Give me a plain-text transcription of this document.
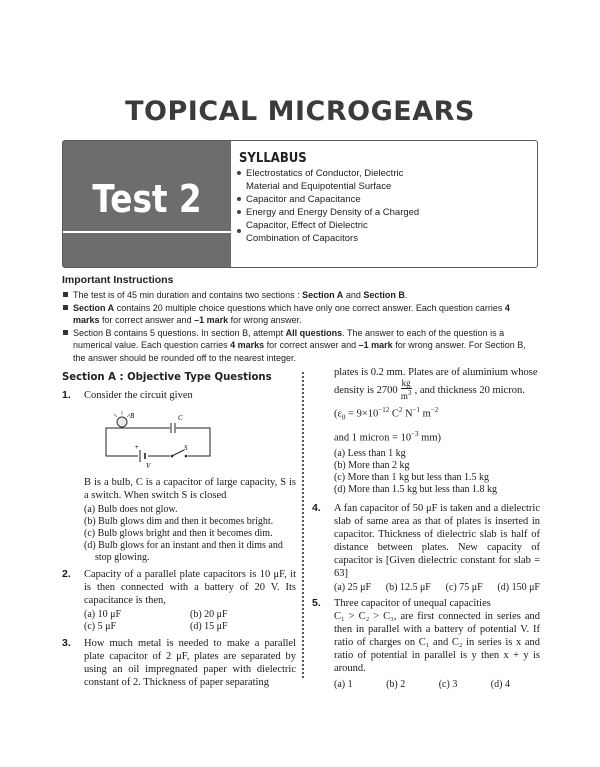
TOPICAL MICROGEARS
Test 2
SYLLABUS
Electrostatics of Conductor, Dielectric
Material and Equipotential Surface
Capacitor and Capacitance
Energy and Energy Density of a Charged
Capacitor, Effect of Dielectric
Combination of Capacitors
Important Instructions
The test is of 45 min duration and contains two sections : Section A and Section B.
Section A contains 20 multiple choice questions which have only one correct answer. Each question carries 4 marks for correct answer and –1 mark for wrong answer.
Section B contains 5 questions. In section B, attempt All questions. The answer to each of the question is a numerical value. Each question carries 4 marks for correct answer and –1 mark for wrong answer. For Section B, the answer should be rounded off to the nearest integer.
Section A : Objective Type Questions
1. Consider the circuit given
B	C
+
V
S
B is a bulb, C is a capacitor of large capacity, S is a switch. When switch S is closed
(a) Bulb does not glow.
(b) Bulb glows dim and then it becomes bright.
(c) Bulb glows bright and then it becomes dim.
(d) Bulb glows for an instant and then it dims and stop glowing.
2. Capacity of a parallel plate capacitors is 10 μF, it is then connected with a battery of 20 V. Its capacitance is then,
(a) 10 μF	(b) 20 μF
(c) 5 μF	(d) 15 μF
3. How much metal is needed to make a parallel plate capacitor of 2 μF, plates are separated by using an oil impregnated paper with dielectric constant of 2. Thickness of paper separating
plates is 0.2 mm. Plates are of aluminium whose
density is 2700
kg
$m^3$ , and thickness 20 micron.
($\varepsilon_0 = 9\times 10^{-12}$ $C^2$ $N^{-1}$ $m^{-2}$
and 1 micron = $10^{-3}$ mm)
(a) Less than 1 kg
(b) More than 2 kg
(c) More than 1 kg but less than 1.5 kg
(d) More than 1.5 kg but less than 1.8 kg
4. A fan capacitor of 50 μF is taken and a dielectric slab of same area as that of plates is inserted in capacitor. Thickness of dielectric slab is half of distance between plates. New capacity of capacitor is [Given dielectric constant for slab = 63]
(a) 25 μF (b) 12.5 μF (c) 75 μF (d) 150 μF
5. Three capacitor of unequal capacities
C₁ > C₂ > C₃, are first connected in series and then in parallel with a battery of potential V. If ratio of charges on C₁ and C₂ in series is x and ratio of potential in parallel is y then x + y is around.
(a) 1	(b) 2	(c) 3	(d) 4
